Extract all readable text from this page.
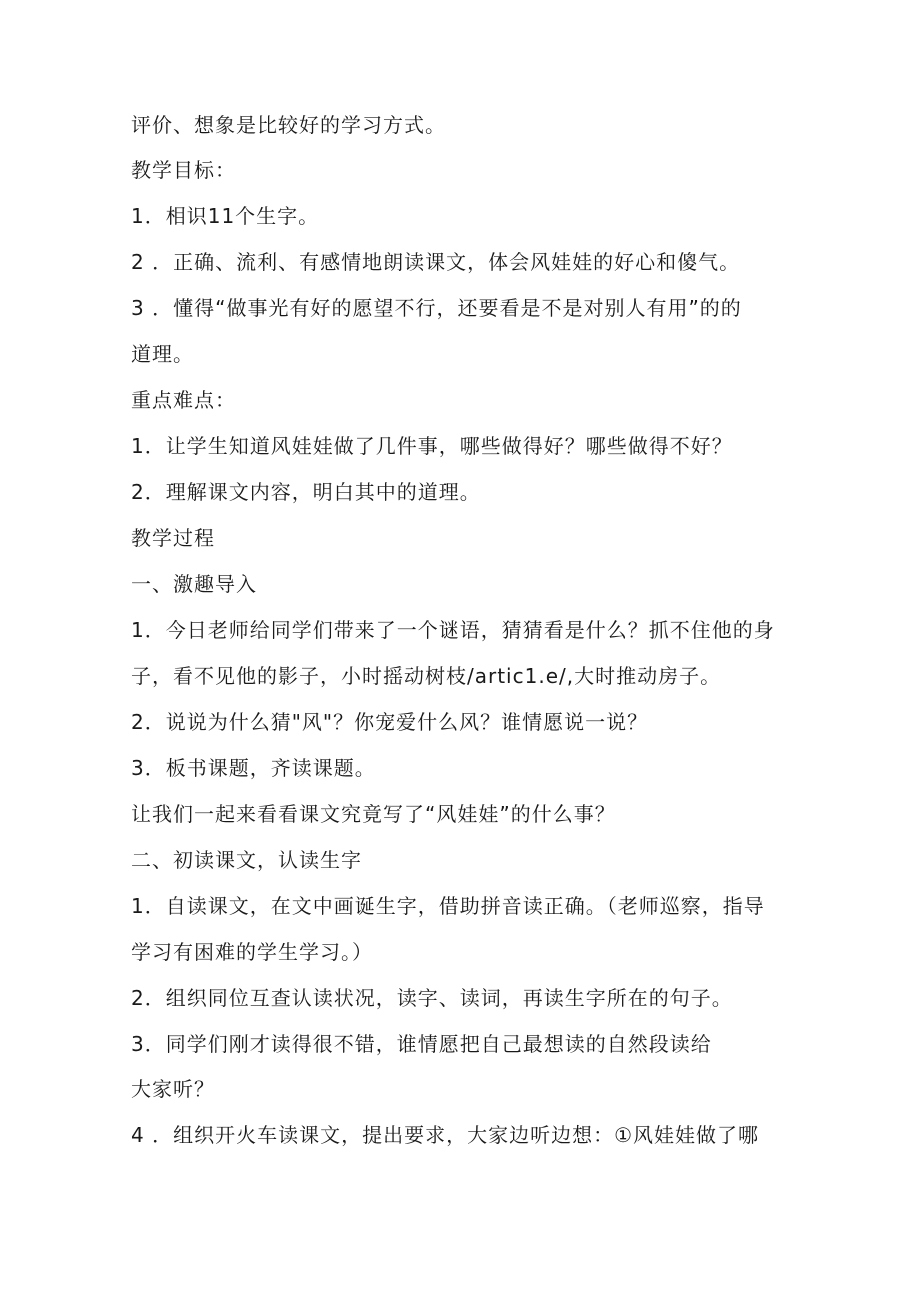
评价、想象是比较好的学习方式。
教学目标：
1．相识11个生字。
2 ．正确、流利、有感情地朗读课文，体会风娃娃的好心和傻气。
3 ．懂得“做事光有好的愿望不行，还要看是不是对别人有用”的的
道理。
重点难点：
1．让学生知道风娃娃做了几件事，哪些做得好？哪些做得不好？
2．理解课文内容，明白其中的道理。
教学过程
一、激趣导入
1．今日老师给同学们带来了一个谜语，猜猜看是什么？抓不住他的身
子，看不见他的影子，小时摇动树枝/artic1.e/,大时推动房子。
2．说说为什么猜"风"？你宠爱什么风？谁情愿说一说？
3．板书课题，齐读课题。
让我们一起来看看课文究竟写了“风娃娃”的什么事？
二、初读课文，认读生字
1．自读课文，在文中画诞生字，借助拼音读正确。（老师巡察，指导
学习有困难的学生学习。）
2．组织同位互查认读状况，读字、读词，再读生字所在的句子。
3．同学们刚才读得很不错，谁情愿把自己最想读的自然段读给
大家听？
4 ．组织开火车读课文，提出要求，大家边听边想：①风娃娃做了哪
